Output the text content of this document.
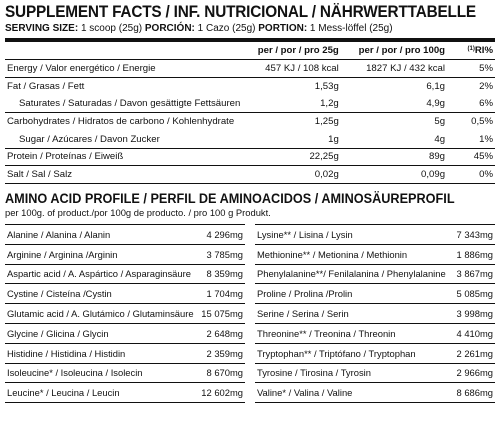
SUPPLEMENT FACTS / INF. NUTRICIONAL / NÄHRWERTTABELLE
SERVING SIZE: 1 scoop (25g) PORCIÓN: 1 Cazo (25g) PORTION: 1 Mess-löffel (25g)
	per / por / pro 25g	per / por / pro 100g	$^{(1)}$RI%
Energy / Valor energético / Energie	457 KJ / 108 kcal	1827 KJ / 432 kcal	5%
Fat / Grasas / Fett	1,53g	6,1g	2%
Saturates / Saturadas / Davon gesättigte Fettsäuren	1,2g	4,9g	6%
Carbohydrates / Hidratos de carbono / Kohlenhydrate	1,25g	5g	0,5%
Sugar / Azúcares / Davon Zucker	1g	4g	1%
Protein / Proteínas / Eiweiß	22,25g	89g	45%
Salt / Sal / Salz	0,02g	0,09g	0%
AMINO ACID PROFILE / PERFIL DE AMINOACIDOS / AMINOSÄUREPROFIL
per 100g. of product./por 100g de producto. / pro 100 g Produkt.
Alanine / Alanina / Alanin	4 296mg
Arginine / Arginina /Arginin	3 785mg
Aspartic acid / A. Aspártico / Asparaginsäure 8 359mg
Cystine / Cisteína /Cystin	1 704mg
Glutamic acid / A. Glutámico / Glutaminsäure 15 075mg
Glycine / Glicina / Glycin	2 648mg
Histidine / Histidina / Histidin	2 359mg
Isoleucine* / Isoleucina / Isolecin	8 670mg
Leucine* / Leucina / Leucin	12 602mg
Lysine** / Lisina / Lysin	7 343mg
Methionine** / Metionina / Methionin	1 886mg
Phenylalanine**/ Fenilalanina / Phenylalanine 3 867mg
Proline / Prolina /Prolin	5 085mg
Serine / Serina / Serin	3 998mg
Threonine** / Treonina / Threonin	4 410mg
Tryptophan** / Triptófano / Tryptophan	2 261mg
Tyrosine / Tirosina / Tyrosin	2 966mg
Valine* / Valina / Valine	8 686mg
